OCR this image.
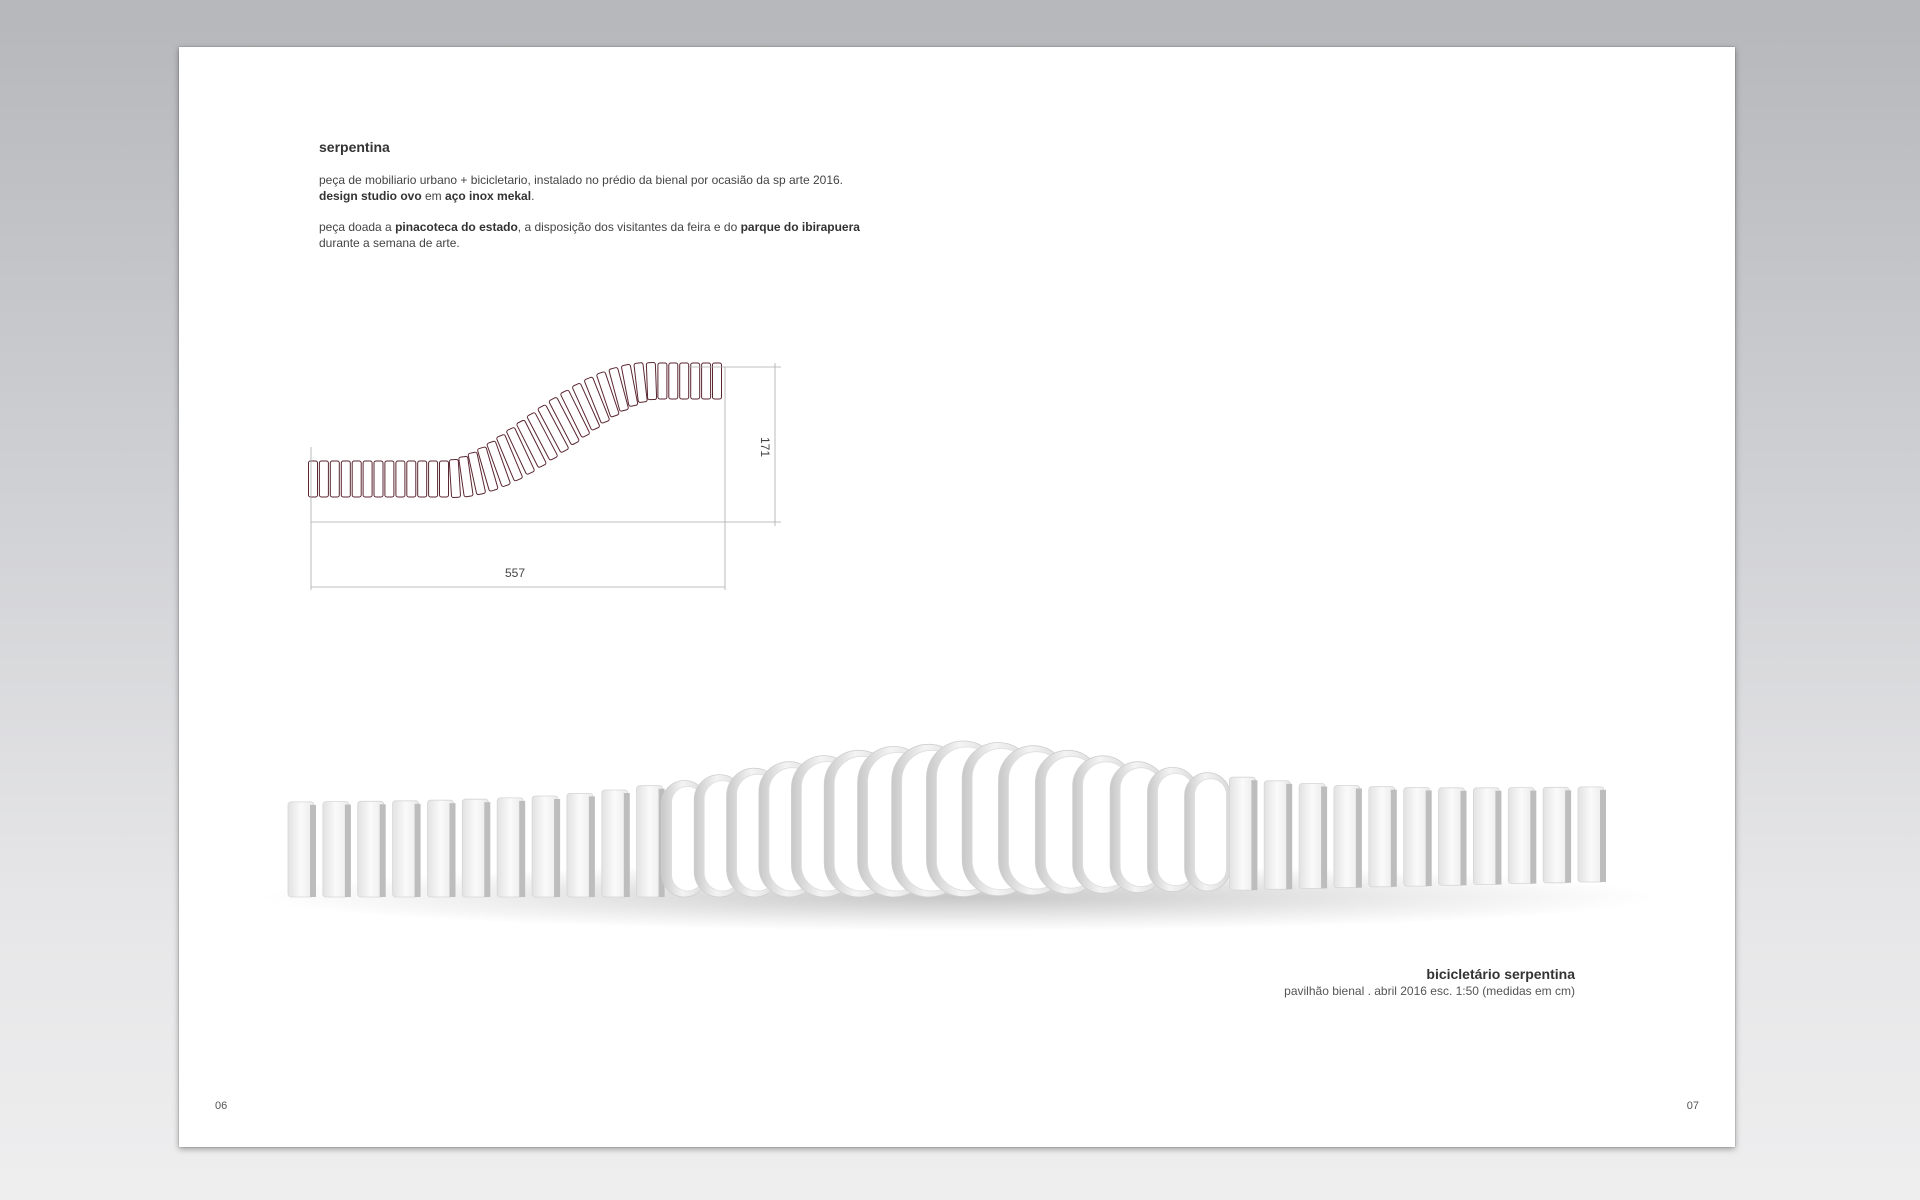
serpentina

peça de mobiliario urbano + bicicletario, instalado no prédio da bienal por ocasião da sp arte 2016.
design studio ovo em aço inox mekal.

peça doada a pinacoteca do estado, a disposição dos visitantes da feira e do parque do ibirapuera
durante a semana de arte.

557
171

bicicletário serpentina

pavilhão bienal . abril 2016 esc. 1:50 (medidas em cm)

06	07
